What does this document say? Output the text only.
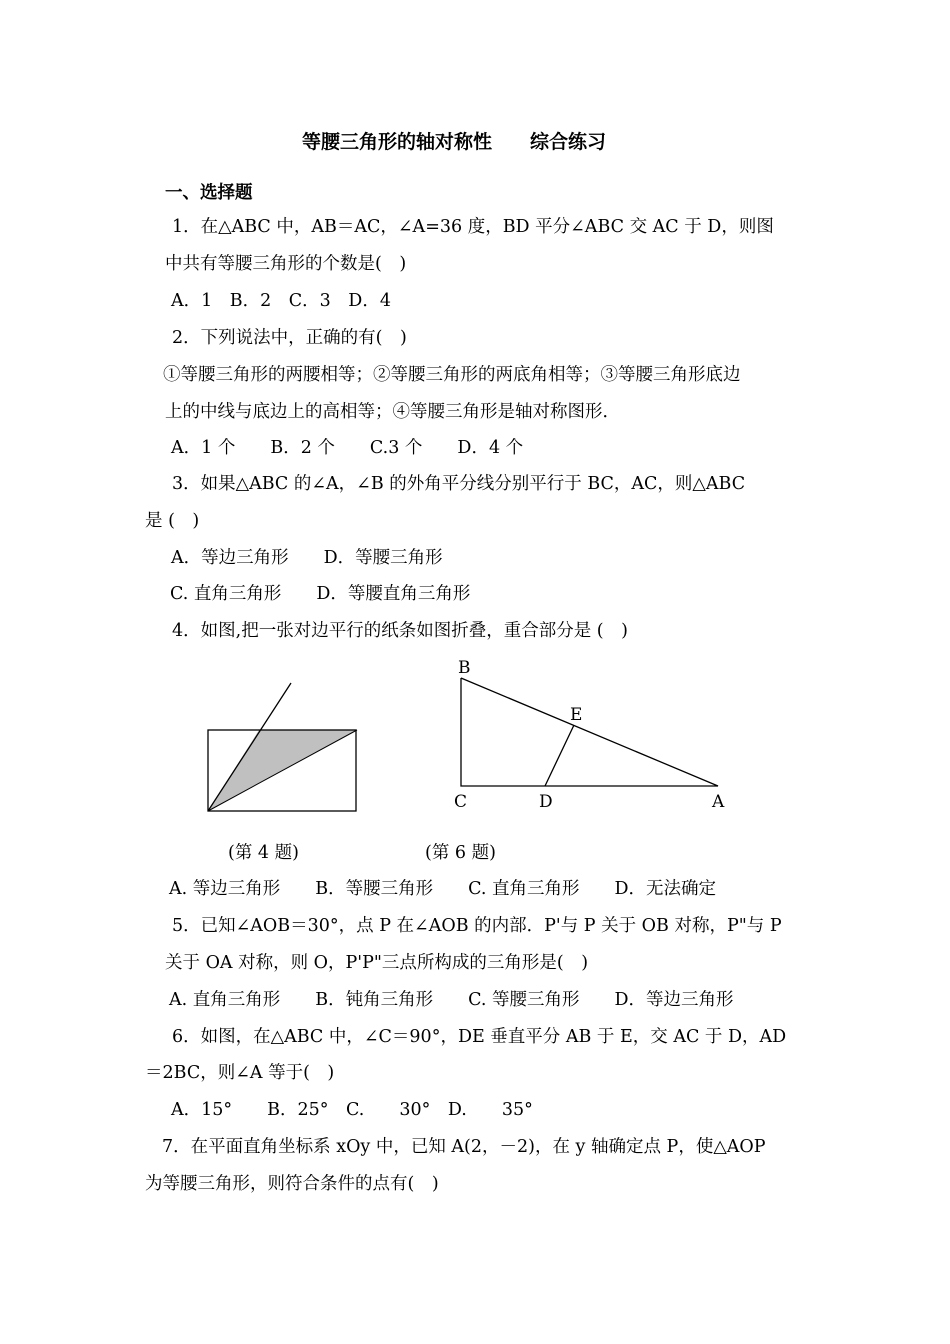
等腰三角形的轴对称性　　综合练习
一、选择题
1．在△ABC 中，AB＝AC，∠A=36 度，BD 平分∠ABC 交 AC 于 D，则图
中共有等腰三角形的个数是(　)
A．1　B．2　C．3　D．4
2．下列说法中，正确的有(　)
①等腰三角形的两腰相等；②等腰三角形的两底角相等；③等腰三角形底边
上的中线与底边上的高相等；④等腰三角形是轴对称图形．
A．1 个　　B．2 个　　C.3 个　　D．4 个
3．如果△ABC 的∠A，∠B 的外角平分线分别平行于 BC，AC，则△ABC
是 (　)
A．等边三角形　　D．等腰三角形
C. 直角三角形　　D．等腰直角三角形
4．如图,把一张对边平行的纸条如图折叠，重合部分是 (　)
B
E
C	D	A
(第 4 题)	(第 6 题)
A. 等边三角形　　B．等腰三角形　　C. 直角三角形　　D．无法确定
5．已知∠AOB＝30°，点 P 在∠AOB 的内部．P'与 P 关于 OB 对称，P"与 P
关于 OA 对称，则 O，P'P"三点所构成的三角形是(　)
A. 直角三角形　　B．钝角三角形　　C. 等腰三角形　　D．等边三角形
6．如图，在△ABC 中，∠C＝90°，DE 垂直平分 AB 于 E，交 AC 于 D，AD
＝2BC，则∠A 等于(　)
A．15°　　B．25°　C.　　30°　D.　　35°
7．在平面直角坐标系 xOy 中，已知 A(2，－2)，在 y 轴确定点 P，使△AOP
为等腰三角形，则符合条件的点有(　)
